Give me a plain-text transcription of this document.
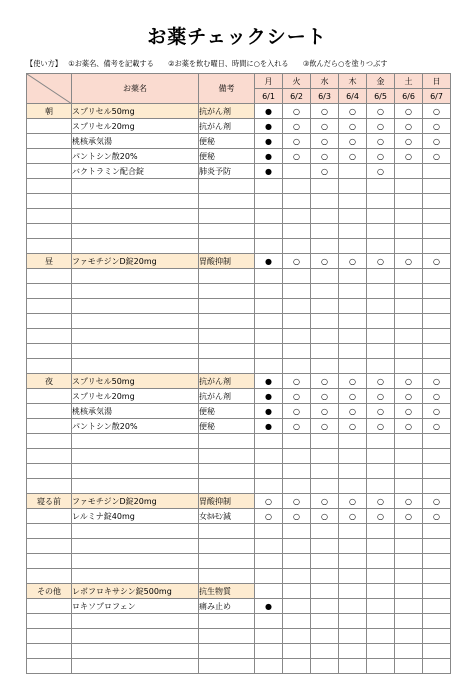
お薬チェックシート
【使い方】 ①お薬名、備考を記載する ②お薬を飲む曜日、時間に○を入れる ③飲んだら○を塗りつぶす
	お薬名	備考	月	火	水	木	金	土	日
			6/1	6/2	6/3	6/4	6/5	6/6	6/7
朝	スプリセル50mg	抗がん剤	●	○	○	○	○	○	○
	スプリセル20mg	抗がん剤	●	○	○	○	○	○	○
	桃核承気湯	便秘	●	○	○	○	○	○	○
	パントシン散20%	便秘	●	○	○	○	○	○	○
	バクトラミン配合錠	肺炎予防	●		○		○		

昼	ファモチジンD錠20mg	胃酸抑制	●	○	○	○	○	○	○

夜	スプリセル50mg	抗がん剤	●	○	○	○	○	○	○
	スプリセル20mg	抗がん剤	●	○	○	○	○	○	○
	桃核承気湯	便秘	●	○	○	○	○	○	○
	パントシン散20%	便秘	●	○	○	○	○	○	○

寝る前	ファモチジンD錠20mg	胃酸抑制	○	○	○	○	○	○	○
	レルミナ錠40mg	女ﾎﾙﾓﾝ減	○	○	○	○	○	○	○

その他	レボフロキサシン錠500mg	抗生物質							
	ロキソプロフェン	痛み止め	●						
